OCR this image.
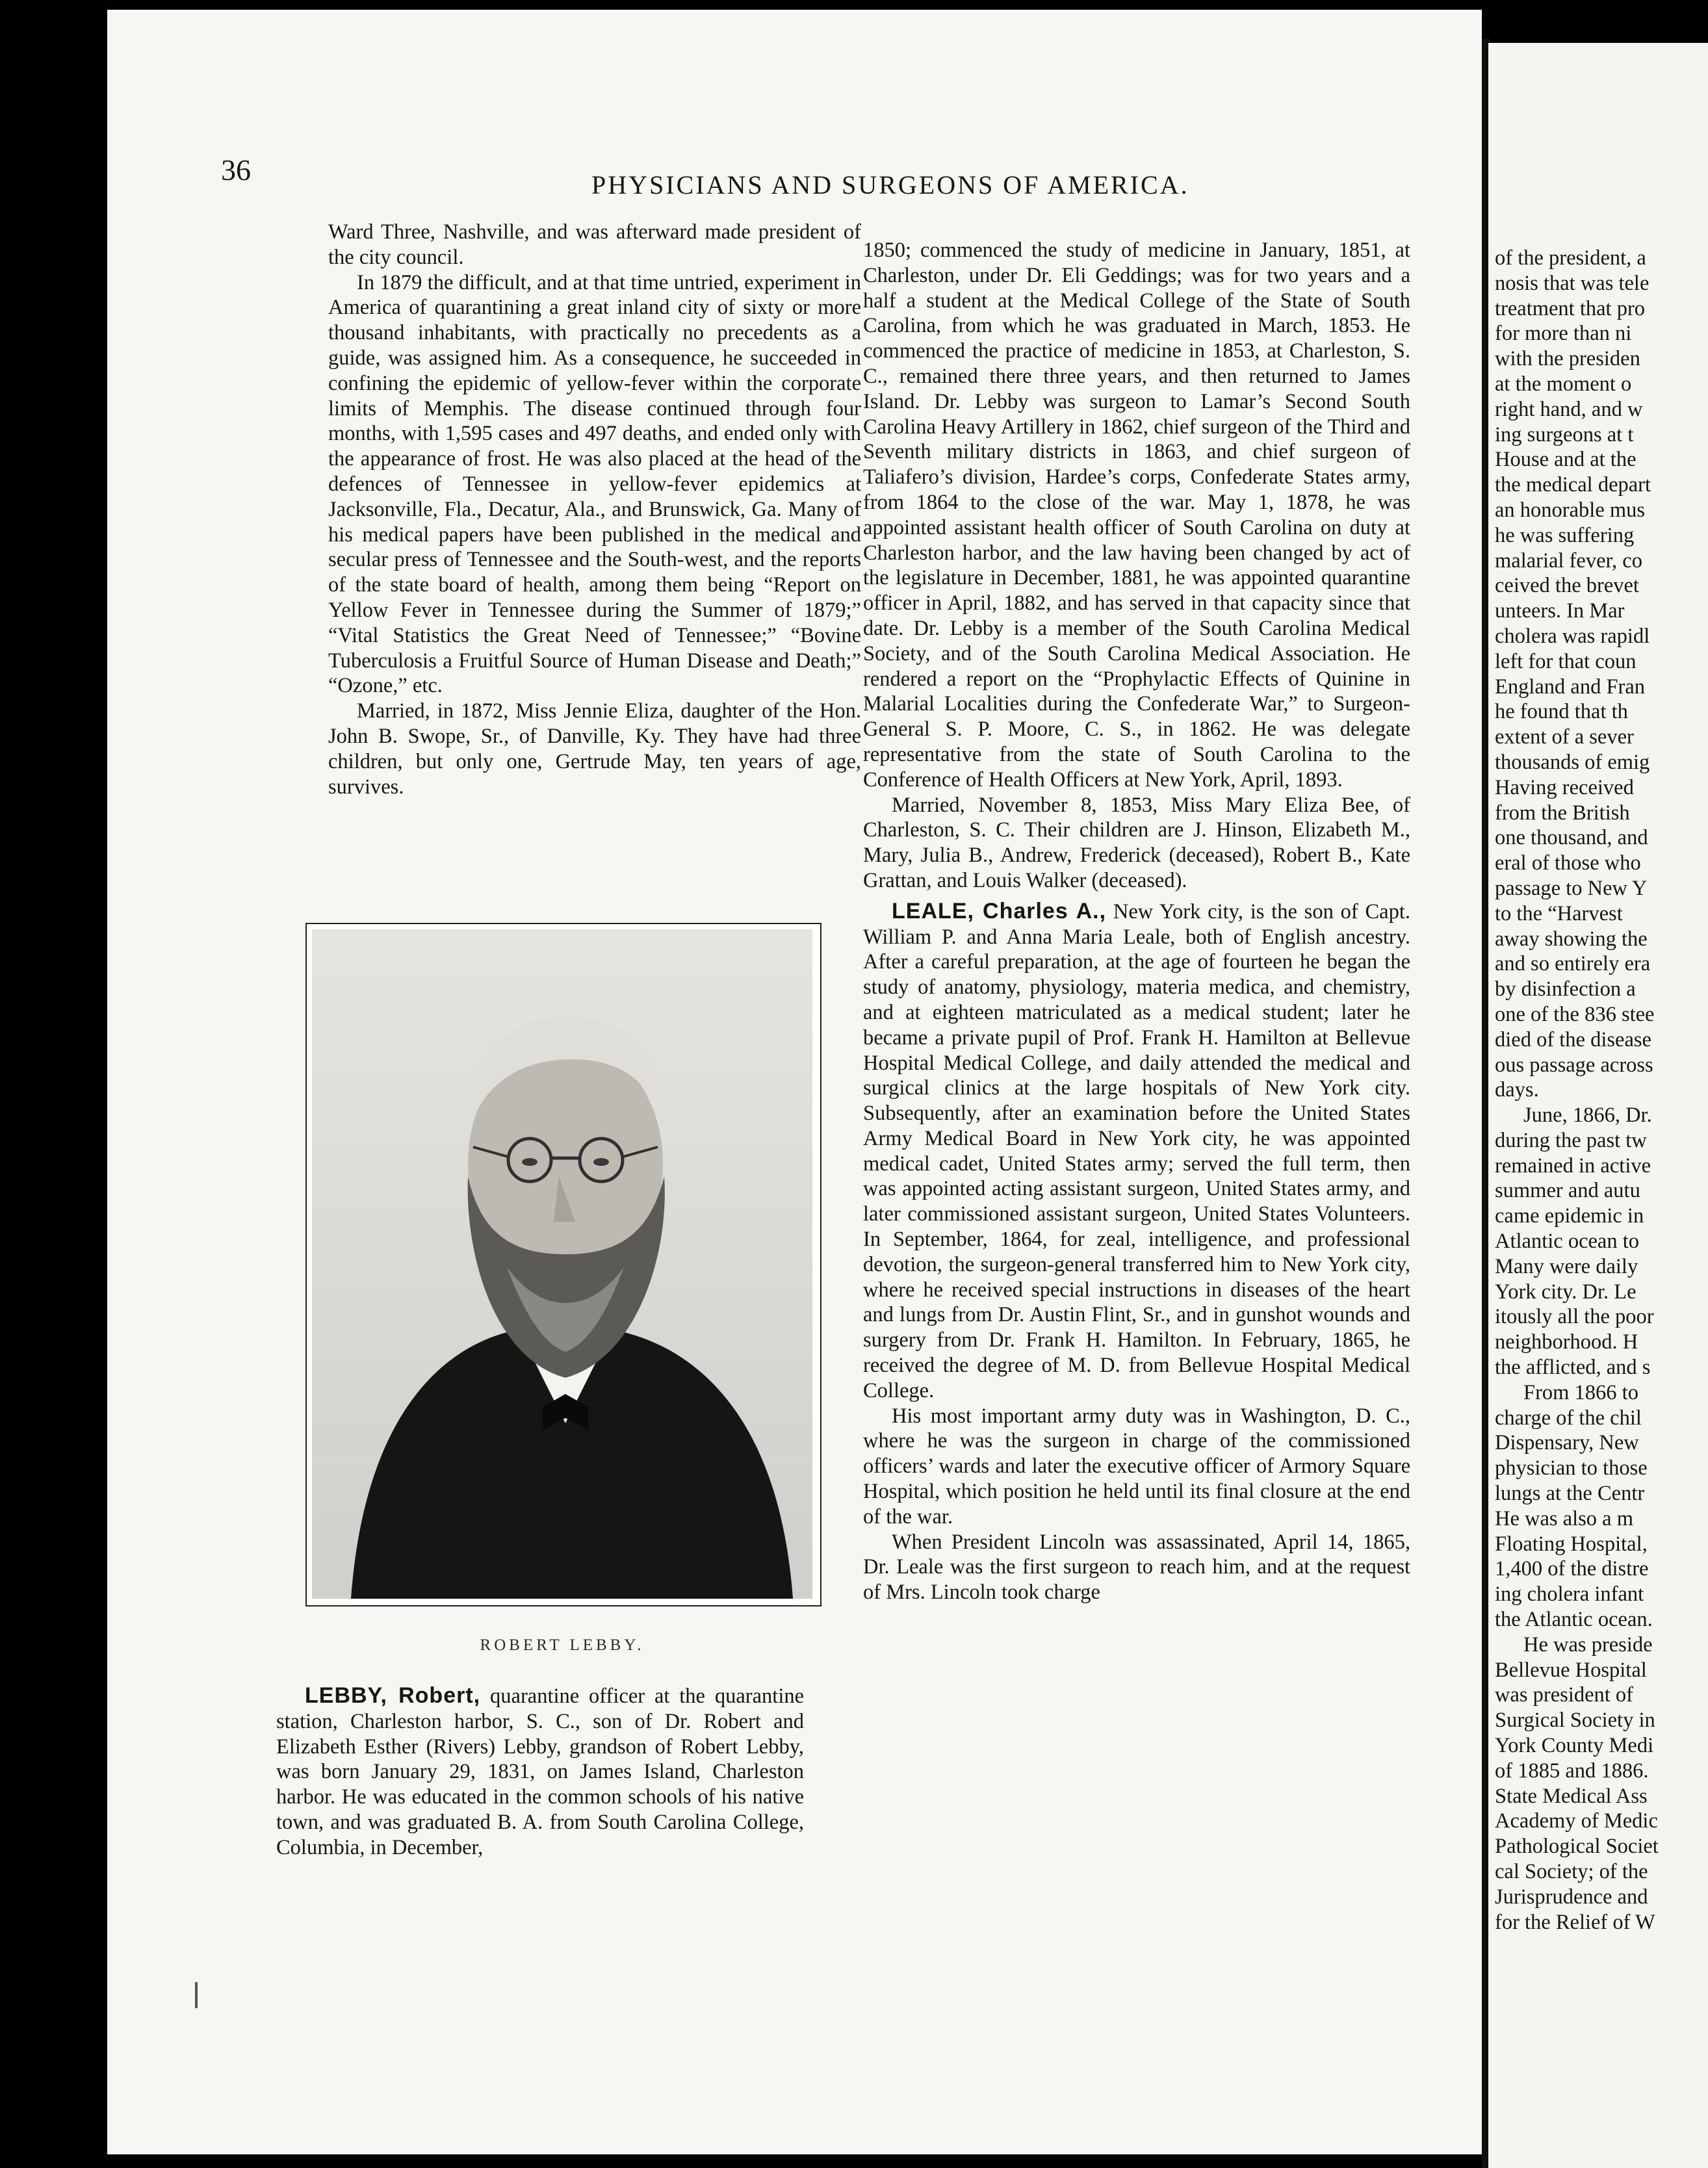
36	PHYSICIANS AND SURGEONS OF AMERICA.

Ward Three, Nashville, and was afterward made president of the city council.

In 1879 the difficult, and at that time untried, experiment in America of quarantining a great inland city of sixty or more thousand inhabitants, with practically no precedents as a guide, was assigned him. As a consequence, he succeeded in confining the epidemic of yellow-fever within the corporate limits of Memphis. The disease continued through four months, with 1,595 cases and 497 deaths, and ended only with the appearance of frost. He was also placed at the head of the defences of Tennessee in yellow-fever epidemics at Jacksonville, Fla., Decatur, Ala., and Brunswick, Ga. Many of his medical papers have been published in the medical and secular press of Tennessee and the South-west, and the reports of the state board of health, among them being “Report on Yellow Fever in Tennessee during the Summer of 1879;” “Vital Statistics the Great Need of Tennessee;” “Bovine Tuberculosis a Fruitful Source of Human Disease and Death;” “Ozone,” etc.

Married, in 1872, Miss Jennie Eliza, daughter of the Hon. John B. Swope, Sr., of Danville, Ky. They have had three children, but only one, Gertrude May, ten years of age, survives.

ROBERT LEBBY.

LEBBY, Robert, quarantine officer at the quarantine station, Charleston harbor, S. C., son of Dr. Robert and Elizabeth Esther (Rivers) Lebby, grandson of Robert Lebby, was born January 29, 1831, on James Island, Charleston harbor. He was educated in the common schools of his native town, and was graduated B. A. from South Carolina College, Columbia, in December,

1850; commenced the study of medicine in January, 1851, at Charleston, under Dr. Eli Geddings; was for two years and a half a student at the Medical College of the State of South Carolina, from which he was graduated in March, 1853. He commenced the practice of medicine in 1853, at Charleston, S. C., remained there three years, and then returned to James Island. Dr. Lebby was surgeon to Lamar’s Second South Carolina Heavy Artillery in 1862, chief surgeon of the Third and Seventh military districts in 1863, and chief surgeon of Taliafero’s division, Hardee’s corps, Confederate States army, from 1864 to the close of the war. May 1, 1878, he was appointed assistant health officer of South Carolina on duty at Charleston harbor, and the law having been changed by act of the legislature in December, 1881, he was appointed quarantine officer in April, 1882, and has served in that capacity since that date. Dr. Lebby is a member of the South Carolina Medical Society, and of the South Carolina Medical Association. He rendered a report on the “Prophylactic Effects of Quinine in Malarial Localities during the Confederate War,” to Surgeon-General S. P. Moore, C. S., in 1862. He was delegate representative from the state of South Carolina to the Conference of Health Officers at New York, April, 1893.

Married, November 8, 1853, Miss Mary Eliza Bee, of Charleston, S. C. Their children are J. Hinson, Elizabeth M., Mary, Julia B., Andrew, Frederick (deceased), Robert B., Kate Grattan, and Louis Walker (deceased).

LEALE, Charles A., New York city, is the son of Capt. William P. and Anna Maria Leale, both of English ancestry. After a careful preparation, at the age of fourteen he began the study of anatomy, physiology, materia medica, and chemistry, and at eighteen matriculated as a medical student; later he became a private pupil of Prof. Frank H. Hamilton at Bellevue Hospital Medical College, and daily attended the medical and surgical clinics at the large hospitals of New York city. Subsequently, after an examination before the United States Army Medical Board in New York city, he was appointed medical cadet, United States army; served the full term, then was appointed acting assistant surgeon, United States army, and later commissioned assistant surgeon, United States Volunteers. In September, 1864, for zeal, intelligence, and professional devotion, the surgeon-general transferred him to New York city, where he received special instructions in diseases of the heart and lungs from Dr. Austin Flint, Sr., and in gunshot wounds and surgery from Dr. Frank H. Hamilton. In February, 1865, he received the degree of M. D. from Bellevue Hospital Medical College.

His most important army duty was in Washington, D. C., where he was the surgeon in charge of the commissioned officers’ wards and later the executive officer of Armory Square Hospital, which position he held until its final closure at the end of the war.

When President Lincoln was assassinated, April 14, 1865, Dr. Leale was the first surgeon to reach him, and at the request of Mrs. Lincoln took charge

of the president, a

nosis that was tele

treatment that pro

for more than ni

with the presiden

at the moment o

right hand, and w

ing surgeons at t

House and at the

the medical depart

an honorable mus

he was suffering

malarial fever, co

ceived the brevet

unteers. In Mar

cholera was rapidl

left for that coun

England and Fran

he found that th

extent of a sever

thousands of emig

Having received

from the British

one thousand, and

eral of those who

passage to New Y

to the “Harvest

away showing the

and so entirely era

by disinfection a

one of the 836 stee

died of the disease

ous passage across

days.

June, 1866, Dr.

during the past tw

remained in active

summer and autu

came epidemic in

Atlantic ocean to

Many were daily

York city. Dr. Le

itously all the poor

neighborhood. H

the afflicted, and s

From 1866 to

charge of the chil

Dispensary, New

physician to those

lungs at the Centr

He was also a m

Floating Hospital,

1,400 of the distre

ing cholera infant

the Atlantic ocean.

He was preside

Bellevue Hospital

was president of

Surgical Society in

York County Medi

of 1885 and 1886.

State Medical Ass

Academy of Medic

Pathological Societ

cal Society; of the

Jurisprudence and

for the Relief of W
